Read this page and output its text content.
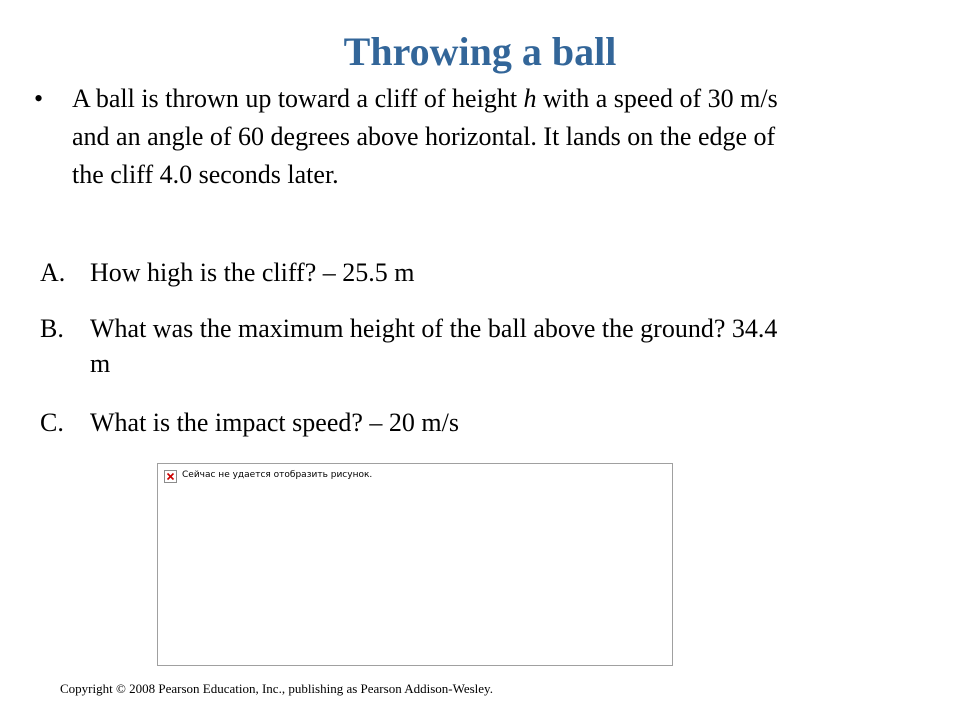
Throwing a ball
•	A ball is thrown up toward a cliff of height h with a speed of 30 m/s and an angle of 60 degrees above horizontal. It lands on the edge of the cliff 4.0 seconds later.
A. How high is the cliff? – 25.5 m
B.	What was the maximum height of the ball above the ground? 34.4 m
C.	What is the impact speed? – 20 m/s
Сейчас не удается отобразить рисунок.
Copyright © 2008 Pearson Education, Inc., publishing as Pearson Addison-Wesley.
